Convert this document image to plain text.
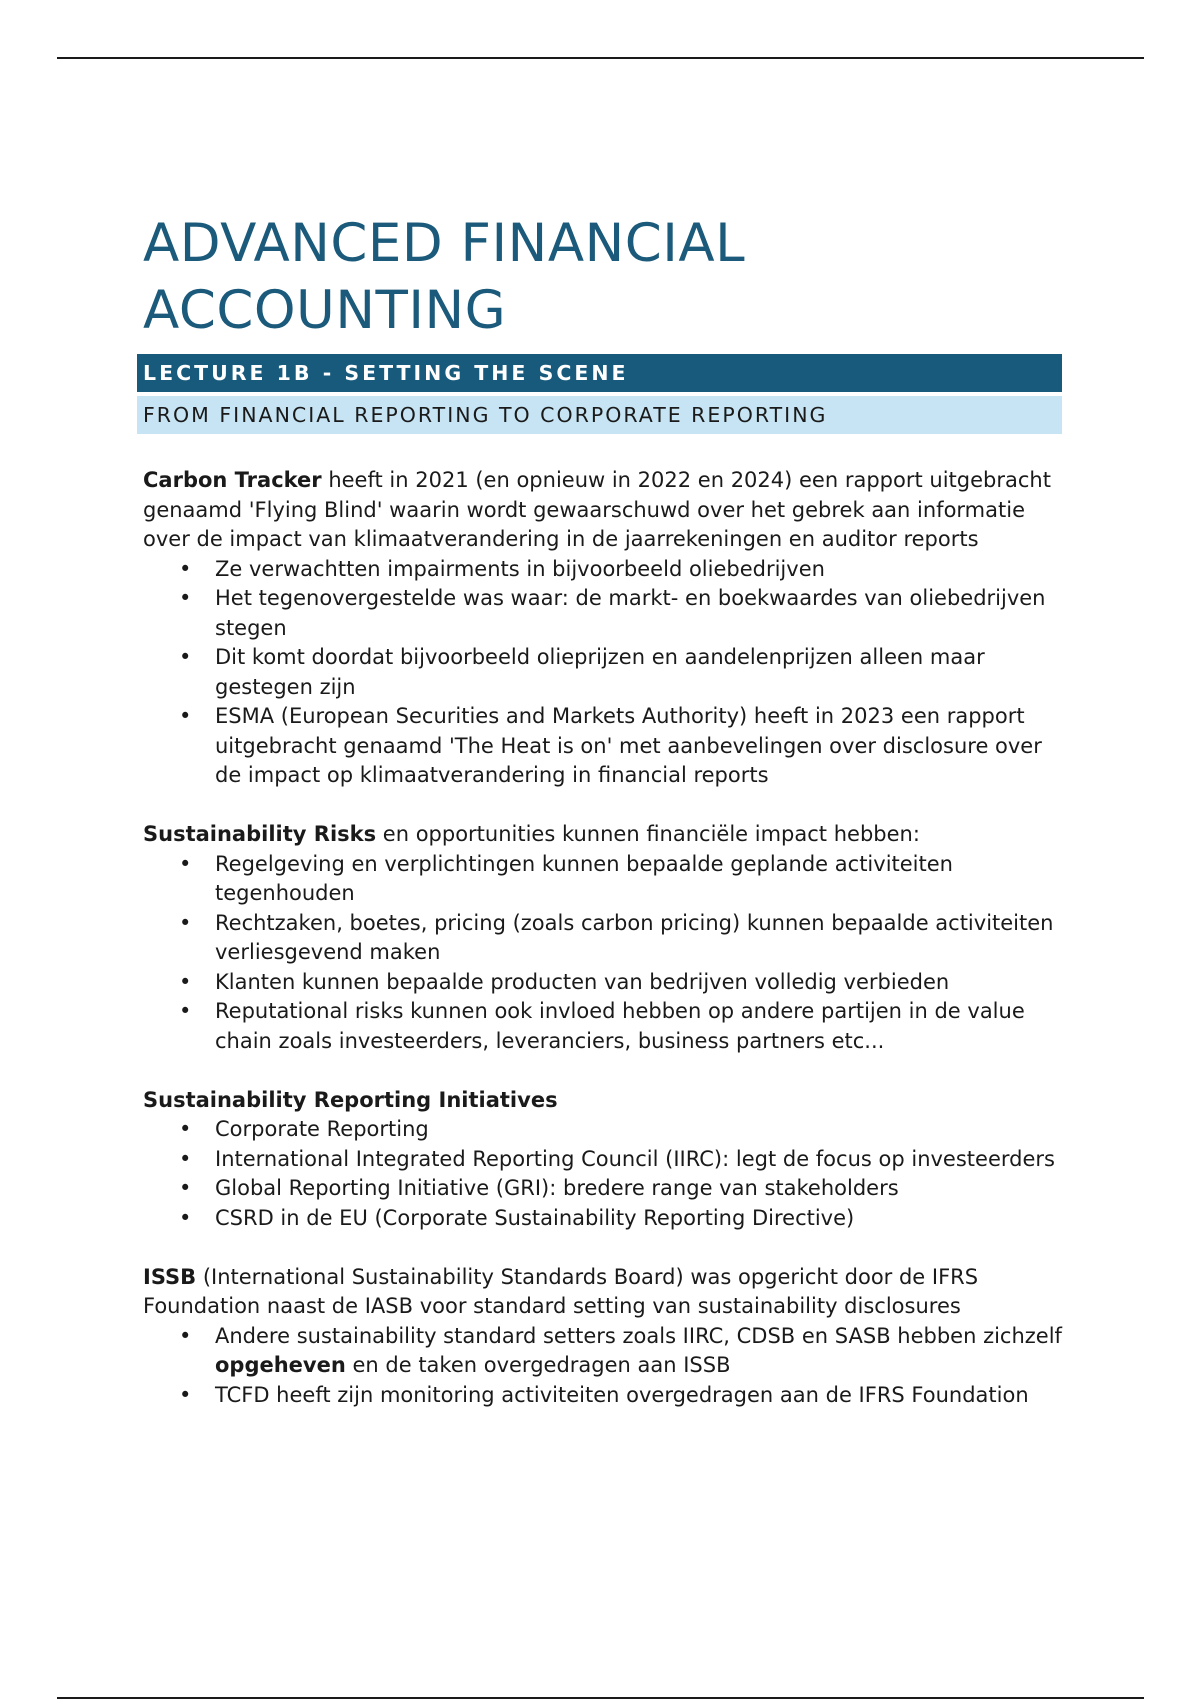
ADVANCED FINANCIAL
ACCOUNTING
LECTURE 1B - SETTING THE SCENE
FROM FINANCIAL REPORTING TO CORPORATE REPORTING

Carbon Tracker heeft in 2021 (en opnieuw in 2022 en 2024) een rapport uitgebracht genaamd 'Flying Blind' waarin wordt gewaarschuwd over het gebrek aan informatie over de impact van klimaatverandering in de jaarrekeningen en auditor reports

• Ze verwachtten impairments in bijvoorbeeld oliebedrijven
• Het tegenovergestelde was waar: de markt- en boekwaardes van oliebedrijven stegen
• Dit komt doordat bijvoorbeeld olieprijzen en aandelenprijzen alleen maar gestegen zijn
• ESMA (European Securities and Markets Authority) heeft in 2023 een rapport uitgebracht genaamd 'The Heat is on' met aanbevelingen over disclosure over de impact op klimaatverandering in financial reports

Sustainability Risks en opportunities kunnen financiële impact hebben:

• Regelgeving en verplichtingen kunnen bepaalde geplande activiteiten tegenhouden
• Rechtzaken, boetes, pricing (zoals carbon pricing) kunnen bepaalde activiteiten verliesgevend maken
• Klanten kunnen bepaalde producten van bedrijven volledig verbieden
• Reputational risks kunnen ook invloed hebben op andere partijen in de value chain zoals investeerders, leveranciers, business partners etc...

Sustainability Reporting Initiatives

• Corporate Reporting
• International Integrated Reporting Council (IIRC): legt de focus op investeerders
• Global Reporting Initiative (GRI): bredere range van stakeholders
• CSRD in de EU (Corporate Sustainability Reporting Directive)

ISSB (International Sustainability Standards Board) was opgericht door de IFRS Foundation naast de IASB voor standard setting van sustainability disclosures

• Andere sustainability standard setters zoals IIRC, CDSB en SASB hebben zichzelf opgeheven en de taken overgedragen aan ISSB
• TCFD heeft zijn monitoring activiteiten overgedragen aan de IFRS Foundation
